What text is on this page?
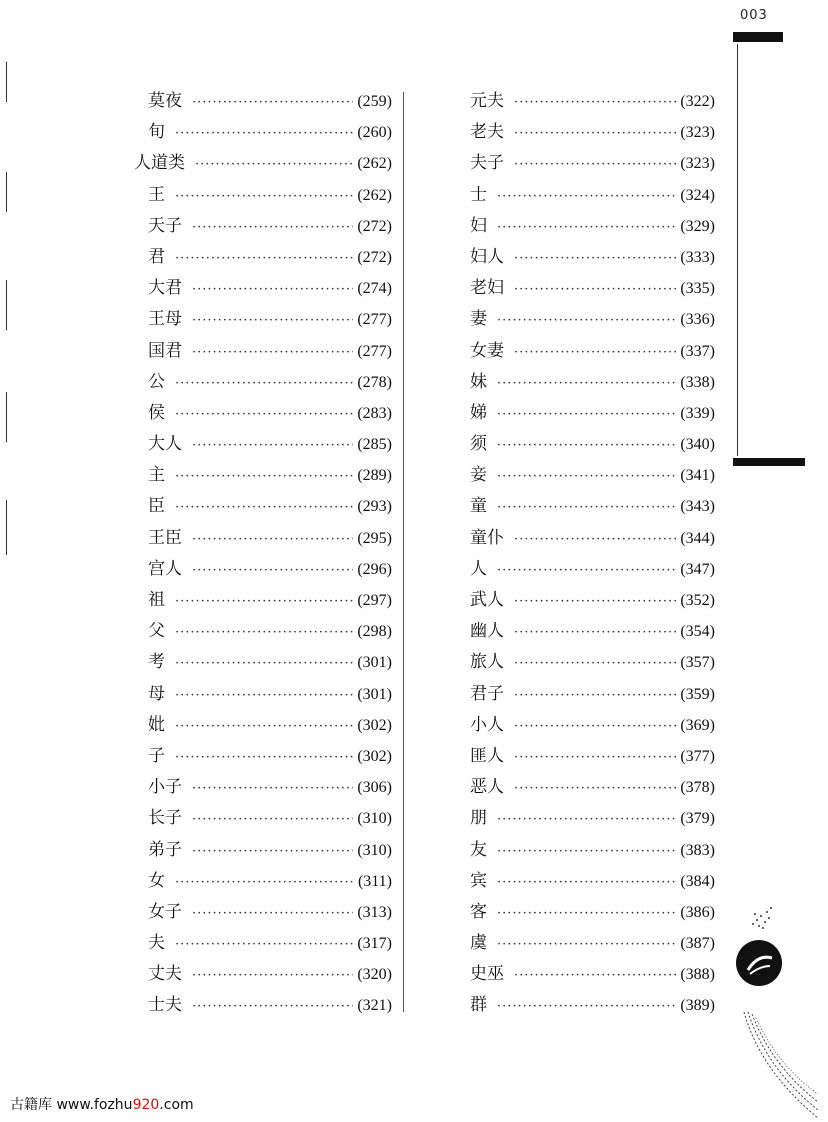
003
莫夜 ·····	(259)
旬 ·····	(260)
人道类 ·····	(262)
王 ·····	(262)
天子 ·····	(272)
君 ·····	(272)
大君 ·····	(274)
王母 ·····	(277)
国君 ·····	(277)
公 ·····	(278)
侯 ·····	(283)
大人 ·····	(285)
主 ·····	(289)
臣 ·····	(293)
王臣 ·····	(295)
宫人 ·····	(296)
祖 ·····	(297)
父 ·····	(298)
考 ·····	(301)
母 ·····	(301)
妣 ·····	(302)
子 ·····	(302)
小子 ·····	(306)
长子 ·····	(310)
弟子 ·····	(310)
女 ·····	(311)
女子 ·····	(313)
夫 ·····	(317)
丈夫 ·····	(320)
士夫 ·····	(321)
元夫 ·····	(322)
老夫 ·····	(323)
夫子 ·····	(323)
士 ·····	(324)
妇 ·····	(329)
妇人 ·····	(333)
老妇 ·····	(335)
妻 ·····	(336)
女妻 ·····	(337)
妹 ·····	(338)
娣 ·····	(339)
须 ·····	(340)
妾 ·····	(341)
童 ·····	(343)
童仆 ·····	(344)
人 ·····	(347)
武人 ·····	(352)
幽人 ·····	(354)
旅人 ·····	(357)
君子 ·····	(359)
小人 ·····	(369)
匪人 ·····	(377)
恶人 ·····	(378)
朋 ·····	(379)
友 ·····	(383)
宾 ·····	(384)
客 ·····	(386)
虞 ·····	(387)
史巫 ·····	(388)
群 ·····	(389)
古籍库 www.fozhu920.com
